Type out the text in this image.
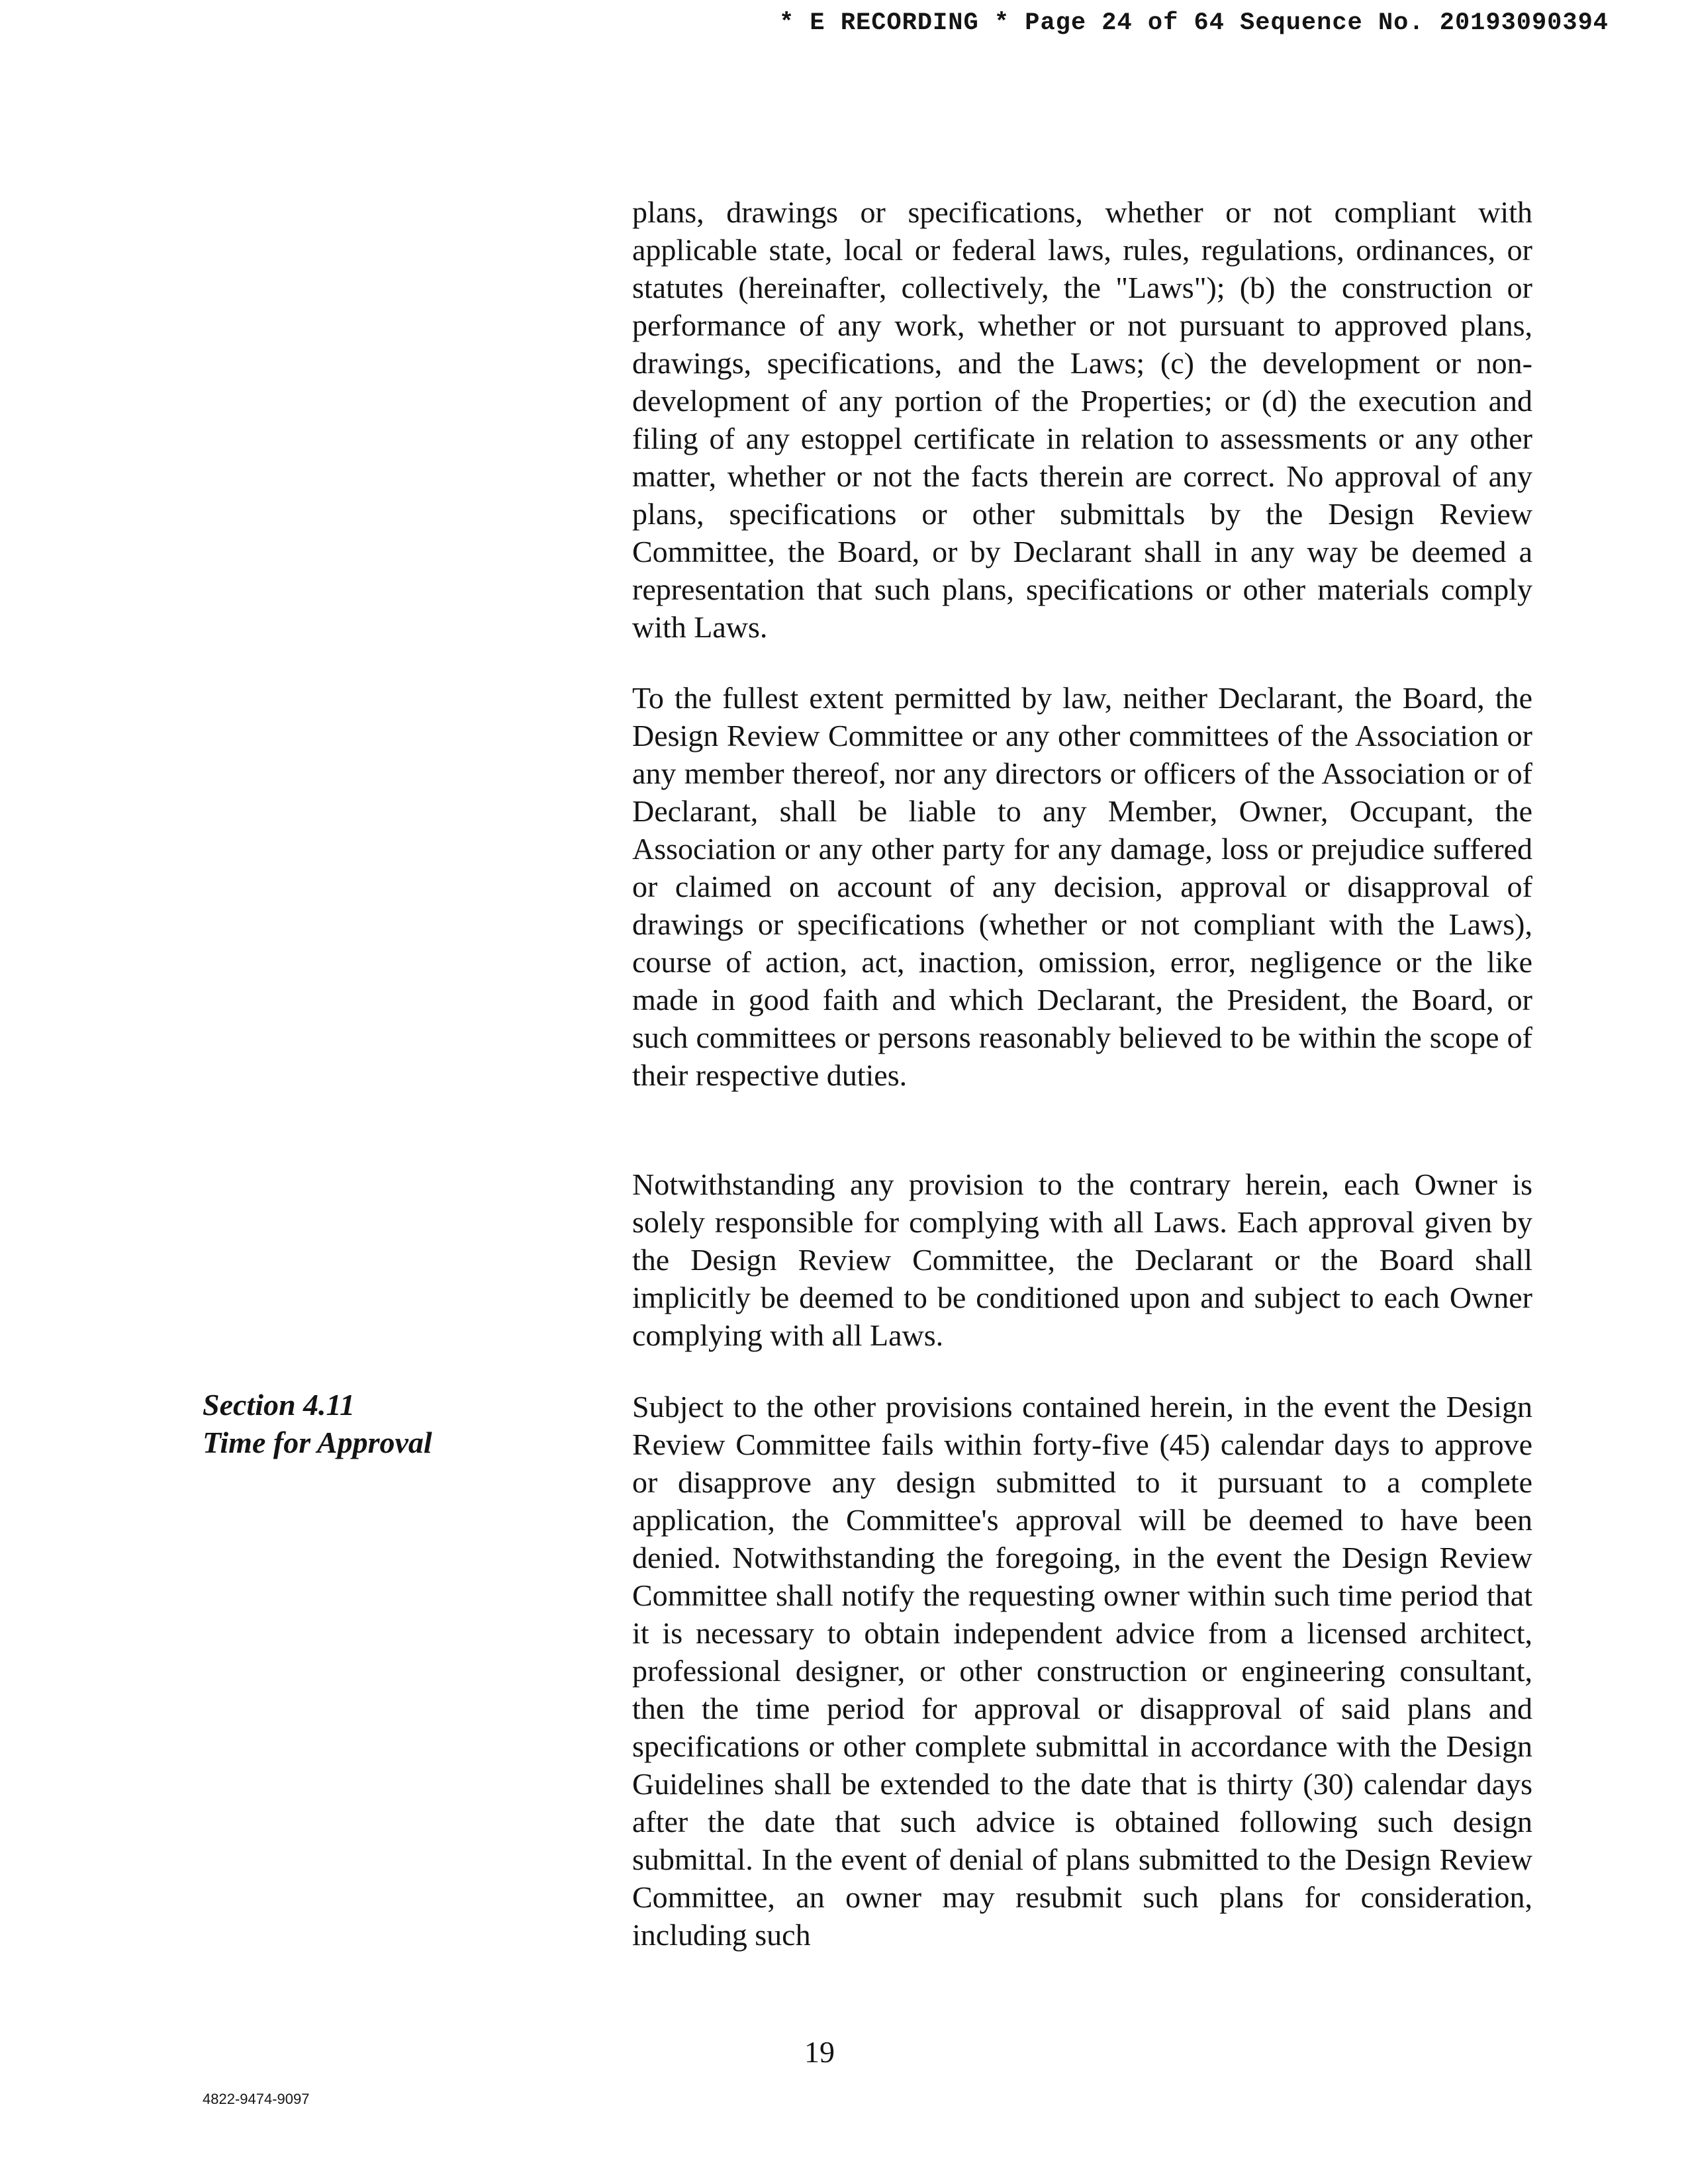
* E RECORDING * Page 24 of 64 Sequence No. 20193090394

plans, drawings or specifications, whether or not compliant with applicable state, local or federal laws, rules, regulations, ordinances, or statutes (hereinafter, collectively, the "Laws"); (b) the construction or performance of any work, whether or not pursuant to approved plans, drawings, specifications, and the Laws; (c) the development or non-development of any portion of the Properties; or (d) the execution and filing of any estoppel certificate in relation to assessments or any other matter, whether or not the facts therein are correct. No approval of any plans, specifications or other submittals by the Design Review Committee, the Board, or by Declarant shall in any way be deemed a representation that such plans, specifications or other materials comply with Laws.

To the fullest extent permitted by law, neither Declarant, the Board, the Design Review Committee or any other committees of the Association or any member thereof, nor any directors or officers of the Association or of Declarant, shall be liable to any Member, Owner, Occupant, the Association or any other party for any damage, loss or prejudice suffered or claimed on account of any decision, approval or disapproval of drawings or specifications (whether or not compliant with the Laws), course of action, act, inaction, omission, error, negligence or the like made in good faith and which Declarant, the President, the Board, or such committees or persons reasonably believed to be within the scope of their respective duties.

Notwithstanding any provision to the contrary herein, each Owner is solely responsible for complying with all Laws. Each approval given by the Design Review Committee, the Declarant or the Board shall implicitly be deemed to be conditioned upon and subject to each Owner complying with all Laws.

Section 4.11
Time for Approval

Subject to the other provisions contained herein, in the event the Design Review Committee fails within forty-five (45) calendar days to approve or disapprove any design submitted to it pursuant to a complete application, the Committee's approval will be deemed to have been denied. Notwithstanding the foregoing, in the event the Design Review Committee shall notify the requesting owner within such time period that it is necessary to obtain independent advice from a licensed architect, professional designer, or other construction or engineering consultant, then the time period for approval or disapproval of said plans and specifications or other complete submittal in accordance with the Design Guidelines shall be extended to the date that is thirty (30) calendar days after the date that such advice is obtained following such design submittal. In the event of denial of plans submitted to the Design Review Committee, an owner may resubmit such plans for consideration, including such

19
4822-9474-9097
